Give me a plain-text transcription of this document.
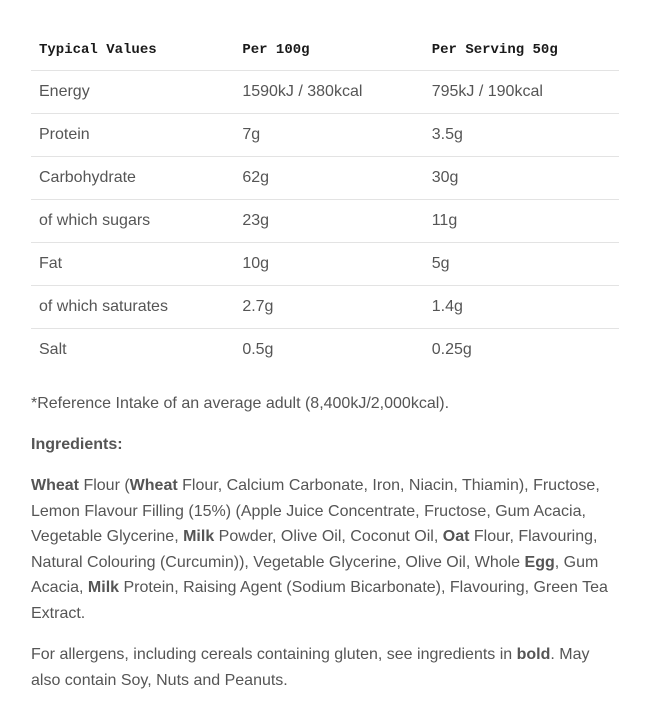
Typical Values	Per 100g	Per Serving 50g
Energy	1590kJ / 380kcal	795kJ / 190kcal
Protein	7g	3.5g
Carbohydrate	62g	30g
of which sugars	23g	11g
Fat	10g	5g
of which saturates	2.7g	1.4g
Salt	0.5g	0.25g

*Reference Intake of an average adult (8,400kJ/2,000kcal).

Ingredients:

Wheat Flour (Wheat Flour, Calcium Carbonate, Iron, Niacin, Thiamin), Fructose, Lemon Flavour Filling (15%) (Apple Juice Concentrate, Fructose, Gum Acacia, Vegetable Glycerine, Milk Powder, Olive Oil, Coconut Oil, Oat Flour, Flavouring, Natural Colouring (Curcumin)), Vegetable Glycerine, Olive Oil, Whole Egg, Gum Acacia, Milk Protein, Raising Agent (Sodium Bicarbonate), Flavouring, Green Tea Extract.

For allergens, including cereals containing gluten, see ingredients in bold. May also contain Soy, Nuts and Peanuts.
